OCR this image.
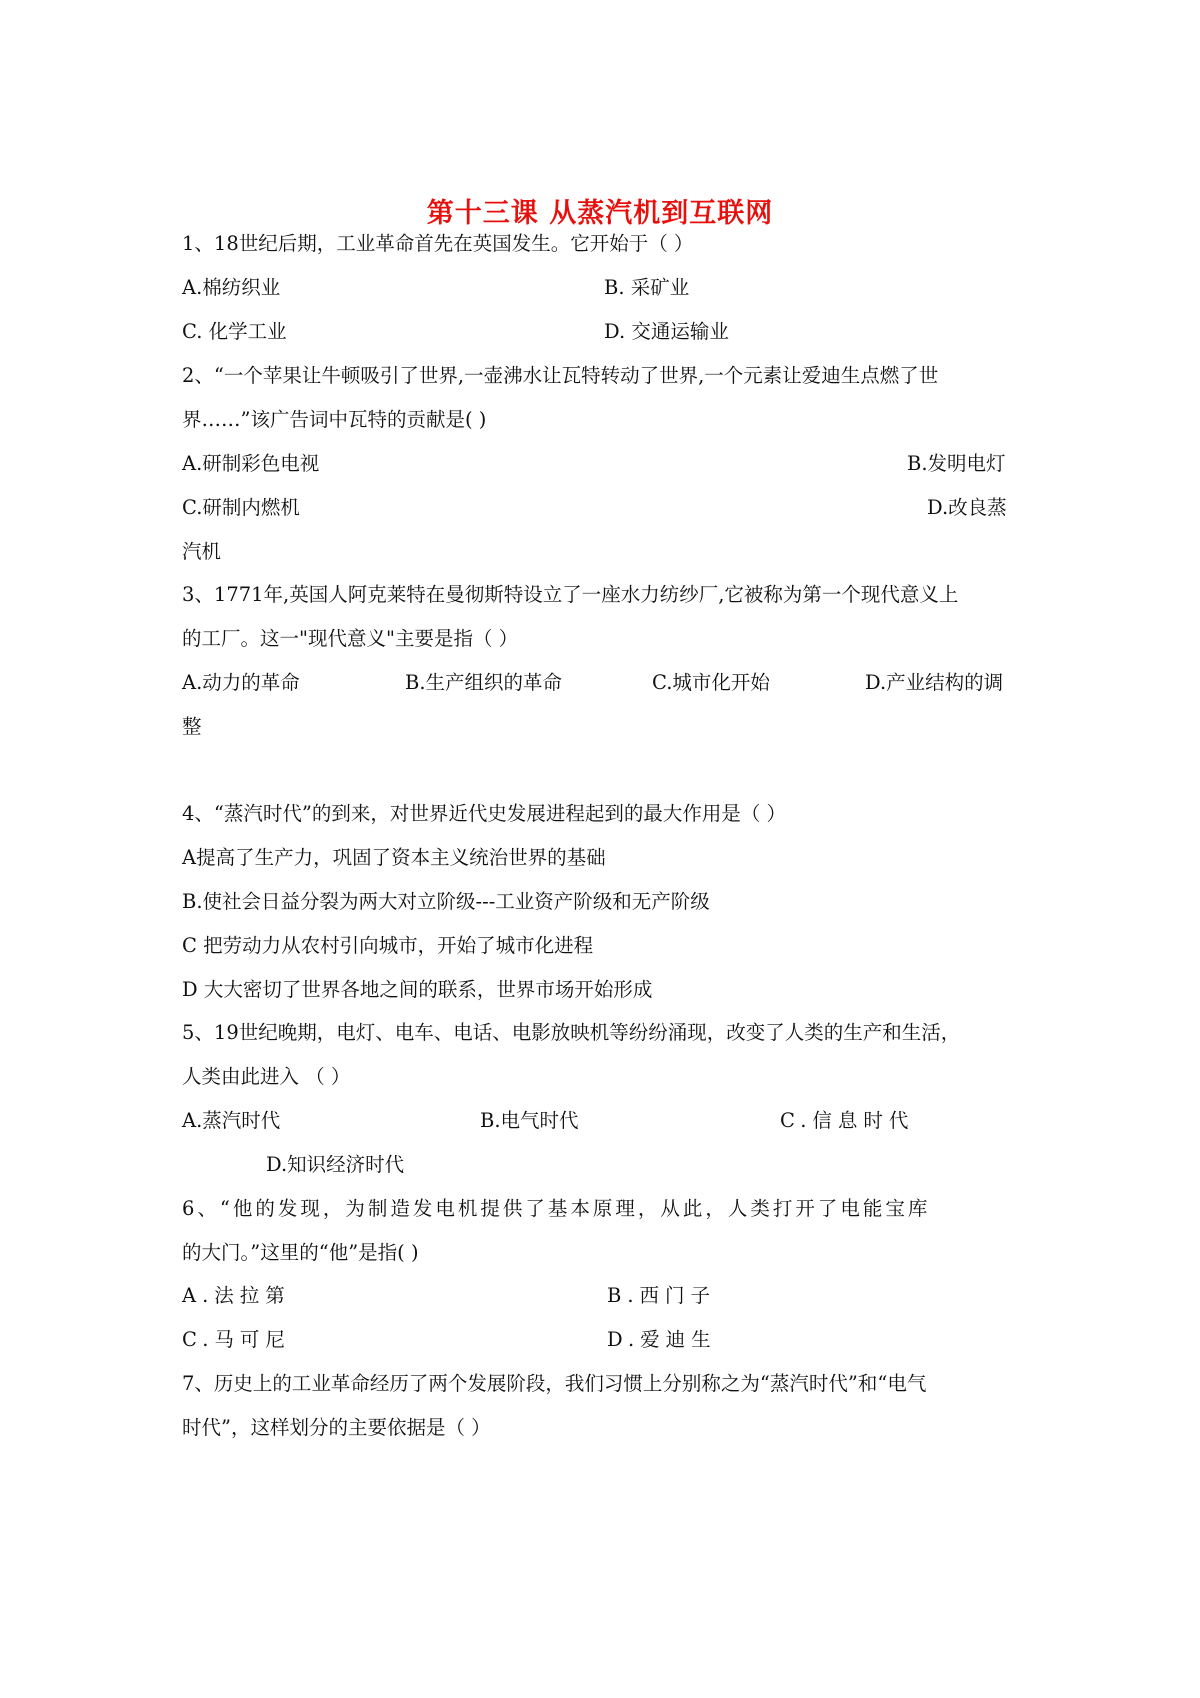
第十三课 从蒸汽机到互联网
1、18世纪后期，工业革命首先在英国发生。它开始于（ ）
A.棉纺织业	B. 采矿业
C. 化学工业	D. 交通运输业
2、“一个苹果让牛顿吸引了世界,一壶沸水让瓦特转动了世界,一个元素让爱迪生点燃了世
界……”该广告词中瓦特的贡献是( )
A.研制彩色电视	B.发明电灯
C.研制内燃机	D.改良蒸
汽机
3、1771年,英国人阿克莱特在曼彻斯特设立了一座水力纺纱厂,它被称为第一个现代意义上
的工厂。这一"现代意义"主要是指（ ）
A.动力的革命	B.生产组织的革命	C.城市化开始	D.产业结构的调
整
4、“蒸汽时代”的到来，对世界近代史发展进程起到的最大作用是（ ）
A提高了生产力，巩固了资本主义统治世界的基础
B.使社会日益分裂为两大对立阶级---工业资产阶级和无产阶级
C 把劳动力从农村引向城市，开始了城市化进程
D 大大密切了世界各地之间的联系，世界市场开始形成
5、19世纪晚期，电灯、电车、电话、电影放映机等纷纷涌现，改变了人类的生产和生活，
人类由此进入 （ ）
A.蒸汽时代	B.电气时代	C.信息时代
D.知识经济时代
6、“他的发现，为制造发电机提供了基本原理，从此，人类打开了电能宝库
的大门。”这里的“他”是指( )
A.法拉第	B.西门子
C.马可尼	D.爱迪生
7、历史上的工业革命经历了两个发展阶段，我们习惯上分别称之为“蒸汽时代”和“电气
时代”，这样划分的主要依据是（ ）
